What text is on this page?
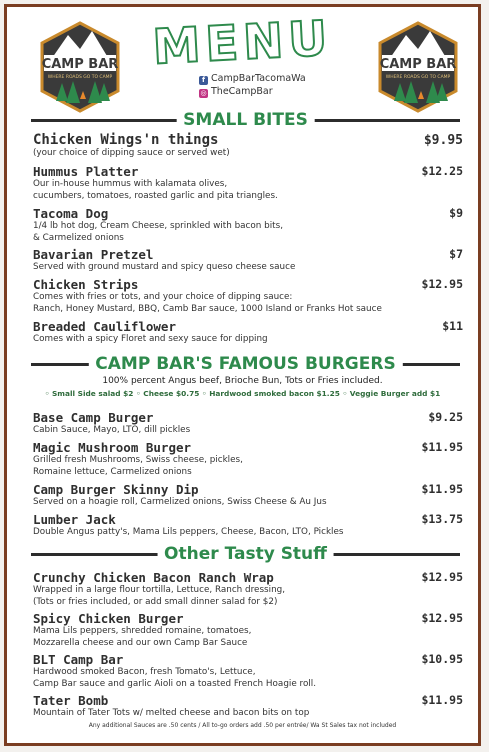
CAMP BAR
WHERE ROADS GO TO CAMP
CAMP BAR
WHERE ROADS GO TO CAMP
MENU
f CampBarTacomaWa
◎ TheCampBar
SMALL BITES
Chicken Wings'n things	$9.95
(your choice of dipping sauce or served wet)
Hummus Platter	$12.25
Our in-house hummus with kalamata olives,
cucumbers, tomatoes, roasted garlic and pita triangles.
Tacoma Dog	$9
1/4 lb hot dog, Cream Cheese, sprinkled with bacon bits,
& Carmelized onions
Bavarian Pretzel	$7
Served with ground mustard and spicy queso cheese sauce
Chicken Strips	$12.95
Comes with fries or tots, and your choice of dipping sauce:
Ranch, Honey Mustard, BBQ, Camb Bar sauce, 1000 Island or Franks Hot sauce
Breaded Cauliflower	$11
Comes with a spicy Floret and sexy sauce for dipping
CAMP BAR'S FAMOUS BURGERS
100% percent Angus beef, Brioche Bun, Tots or Fries included.
◦ Small Side salad $2 ◦ Cheese $0.75 ◦ Hardwood smoked bacon $1.25 ◦ Veggie Burger add $1
Base Camp Burger	$9.25
Cabin Sauce, Mayo, LTO, dill pickles
Magic Mushroom Burger	$11.95
Grilled fresh Mushrooms, Swiss cheese, pickles,
Romaine lettuce, Carmelized onions
Camp Burger Skinny Dip	$11.95
Served on a hoagie roll, Carmelized onions, Swiss Cheese & Au Jus
Lumber Jack	$13.75
Double Angus patty's, Mama Lils peppers, Cheese, Bacon, LTO, Pickles
Other Tasty Stuff
Crunchy Chicken Bacon Ranch Wrap	$12.95
Wrapped in a large flour tortilla, Lettuce, Ranch dressing,
(Tots or fries included, or add small dinner salad for $2)
Spicy Chicken Burger	$12.95
Mama Lils peppers, shredded romaine, tomatoes,
Mozzarella cheese and our own Camp Bar Sauce
BLT Camp Bar	$10.95
Hardwood smoked Bacon, fresh Tomato's, Lettuce,
Camp Bar sauce and garlic Aioli on a toasted French Hoagie roll.
Tater Bomb	$11.95
Mountain of Tater Tots w/ melted cheese and bacon bits on top
Any additional Sauces are .50 cents / All to-go orders add .50 per entrée/ Wa St Sales tax not included
